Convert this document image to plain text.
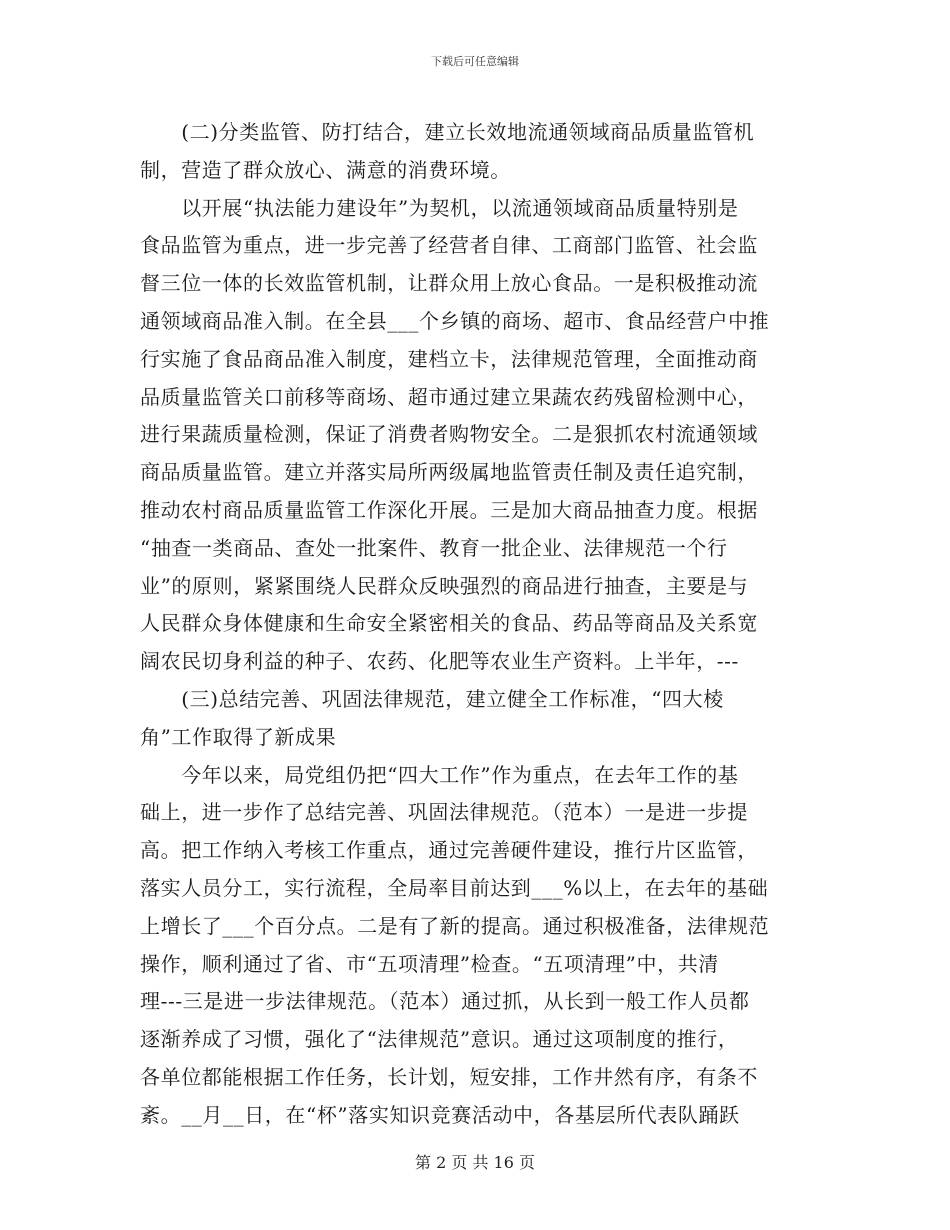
下载后可任意编辑
　　(二)分类监管、防打结合，建立长效地流通领域商品质量监管机
制，营造了群众放心、满意的消费环境。
　　以开展“执法能力建设年”为契机，以流通领域商品质量特别是
食品监管为重点，进一步完善了经营者自律、工商部门监管、社会监
督三位一体的长效监管机制，让群众用上放心食品。一是积极推动流
通领域商品准入制。在全县___个乡镇的商场、超市、食品经营户中推
行实施了食品商品准入制度，建档立卡，法律规范管理，全面推动商
品质量监管关口前移等商场、超市通过建立果蔬农药残留检测中心，
进行果蔬质量检测，保证了消费者购物安全。二是狠抓农村流通领域
商品质量监管。建立并落实局所两级属地监管责任制及责任追究制，
推动农村商品质量监管工作深化开展。三是加大商品抽查力度。根据
“抽查一类商品、查处一批案件、教育一批企业、法律规范一个行
业”的原则，紧紧围绕人民群众反映强烈的商品进行抽查，主要是与
人民群众身体健康和生命安全紧密相关的食品、药品等商品及关系宽
阔农民切身利益的种子、农药、化肥等农业生产资料。上半年，---
　　(三)总结完善、巩固法律规范，建立健全工作标准，“四大棱
角”工作取得了新成果
　　今年以来，局党组仍把“四大工作”作为重点，在去年工作的基
础上，进一步作了总结完善、巩固法律规范。（范本）一是进一步提
高。把工作纳入考核工作重点，通过完善硬件建设，推行片区监管，
落实人员分工，实行流程，全局率目前达到___%以上，在去年的基础
上增长了___个百分点。二是有了新的提高。通过积极准备，法律规范
操作，顺利通过了省、市“五项清理”检查。“五项清理”中，共清
理---三是进一步法律规范。（范本）通过抓，从长到一般工作人员都
逐渐养成了习惯，强化了“法律规范”意识。通过这项制度的推行，
各单位都能根据工作任务，长计划，短安排，工作井然有序，有条不
紊。__月__日，在“杯”落实知识竞赛活动中，各基层所代表队踊跃
第 2 页 共 16 页
